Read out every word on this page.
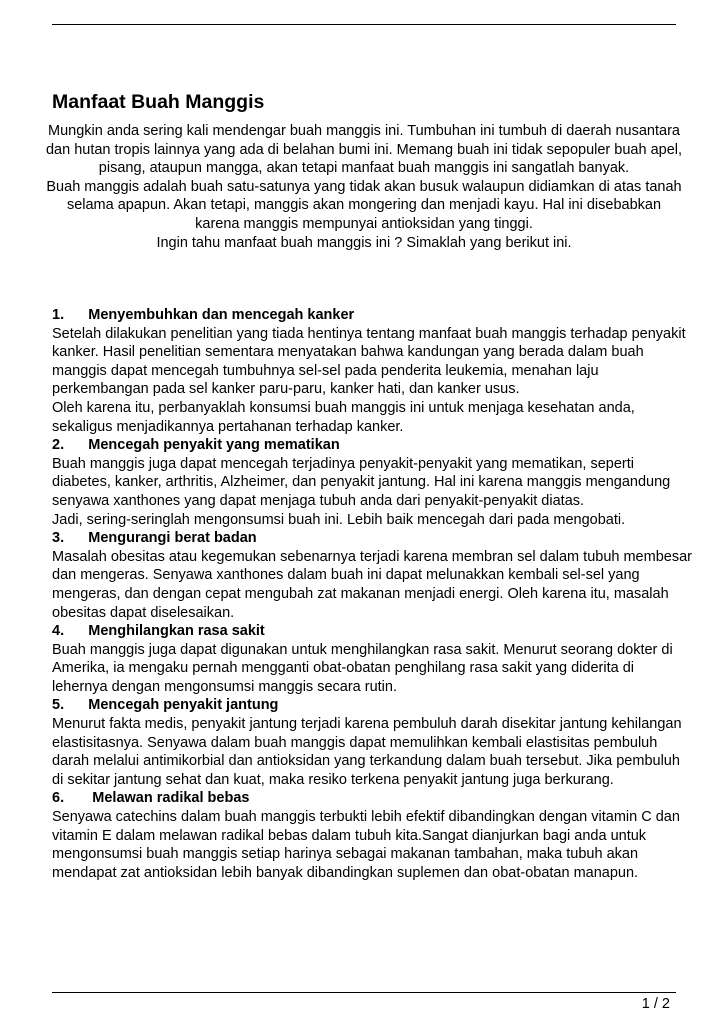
Manfaat Buah Manggis

Mungkin anda sering kali mendengar buah manggis ini. Tumbuhan ini tumbuh di daerah nusantara dan hutan tropis lainnya yang ada di belahan bumi ini. Memang buah ini tidak sepopuler buah apel, pisang, ataupun mangga, akan tetapi manfaat buah manggis ini sangatlah banyak.

Buah manggis adalah buah satu-satunya yang tidak akan busuk walaupun didiamkan di atas tanah selama apapun. Akan tetapi, manggis akan mongering dan menjadi kayu. Hal ini disebabkan karena manggis mempunyai antioksidan yang tinggi.

Ingin tahu manfaat buah manggis ini ? Simaklah yang berikut ini.

1.      Menyembuhkan dan mencegah kanker

Setelah dilakukan penelitian yang tiada hentinya tentang manfaat buah manggis terhadap penyakit kanker. Hasil penelitian sementara menyatakan bahwa kandungan yang berada dalam buah manggis dapat mencegah tumbuhnya sel-sel pada penderita leukemia, menahan laju perkembangan pada sel kanker paru-paru, kanker hati, dan kanker usus.

Oleh karena itu, perbanyaklah konsumsi buah manggis ini untuk menjaga kesehatan anda, sekaligus menjadikannya pertahanan terhadap kanker.

2.      Mencegah penyakit yang mematikan

Buah manggis juga dapat mencegah terjadinya penyakit-penyakit yang mematikan, seperti diabetes, kanker, arthritis, Alzheimer, dan penyakit jantung. Hal ini karena manggis mengandung senyawa xanthones yang dapat menjaga tubuh anda dari penyakit-penyakit diatas.

Jadi, sering-seringlah mengonsumsi buah ini. Lebih baik mencegah dari pada mengobati.

3.      Mengurangi berat badan

Masalah obesitas atau kegemukan sebenarnya terjadi karena membran sel dalam tubuh membesar dan mengeras. Senyawa xanthones dalam buah ini dapat melunakkan kembali sel-sel yang mengeras, dan dengan cepat mengubah zat makanan menjadi energi. Oleh karena itu, masalah obesitas dapat diselesaikan.

4.      Menghilangkan rasa sakit

Buah manggis juga dapat digunakan untuk menghilangkan rasa sakit. Menurut seorang dokter di Amerika, ia mengaku pernah mengganti obat-obatan penghilang rasa sakit yang diderita di lehernya dengan mengonsumsi manggis secara rutin.

5.      Mencegah penyakit jantung

Menurut fakta medis, penyakit jantung terjadi karena pembuluh darah disekitar jantung kehilangan elastisitasnya. Senyawa dalam buah manggis dapat memulihkan kembali elastisitas pembuluh darah melalui antimikorbial dan antioksidan yang terkandung dalam buah tersebut. Jika pembuluh di sekitar jantung sehat dan kuat, maka resiko terkena penyakit jantung juga berkurang.

6.       Melawan radikal bebas

Senyawa catechins dalam buah manggis terbukti lebih efektif dibandingkan dengan vitamin C dan vitamin E dalam melawan radikal bebas dalam tubuh kita.Sangat dianjurkan bagi anda untuk mengonsumsi buah manggis setiap harinya sebagai makanan tambahan, maka tubuh akan mendapat zat antioksidan lebih banyak dibandingkan suplemen dan obat-obatan manapun.

1 / 2
